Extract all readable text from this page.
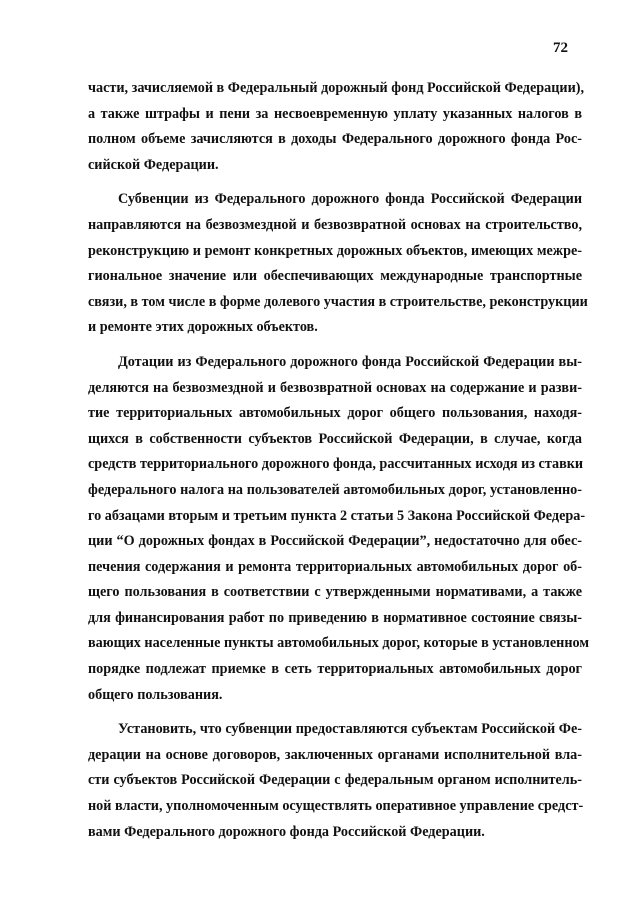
72
части, зачисляемой в Федеральный дорожный фонд Российской Федерации),
а также штрафы и пени за несвоевременную уплату указанных налогов в
полном объеме зачисляются в доходы Федерального дорожного фонда Рос-
сийской Федерации.
Субвенции из Федерального дорожного фонда Российской Федерации
направляются на безвозмездной и безвозвратной основах на строительство,
реконструкцию и ремонт конкретных дорожных объектов, имеющих межре-
гиональное значение или обеспечивающих международные транспортные
связи, в том числе в форме долевого участия в строительстве, реконструкции
и ремонте этих дорожных объектов.
Дотации из Федерального дорожного фонда Российской Федерации вы-
деляются на безвозмездной и безвозвратной основах на содержание и разви-
тие территориальных автомобильных дорог общего пользования, находя-
щихся в собственности субъектов Российской Федерации, в случае, когда
средств территориального дорожного фонда, рассчитанных исходя из ставки
федерального налога на пользователей автомобильных дорог, установленно-
го абзацами вторым и третьим пункта 2 статьи 5 Закона Российской Федера-
ции “О дорожных фондах в Российской Федерации”, недостаточно для обес-
печения содержания и ремонта территориальных автомобильных дорог об-
щего пользования в соответствии с утвержденными нормативами, а также
для финансирования работ по приведению в нормативное состояние связы-
вающих населенные пункты автомобильных дорог, которые в установленном
порядке подлежат приемке в сеть территориальных автомобильных дорог
общего пользования.
Установить, что субвенции предоставляются субъектам Российской Фе-
дерации на основе договоров, заключенных органами исполнительной вла-
сти субъектов Российской Федерации с федеральным органом исполнитель-
ной власти, уполномоченным осуществлять оперативное управление средст-
вами Федерального дорожного фонда Российской Федерации.
